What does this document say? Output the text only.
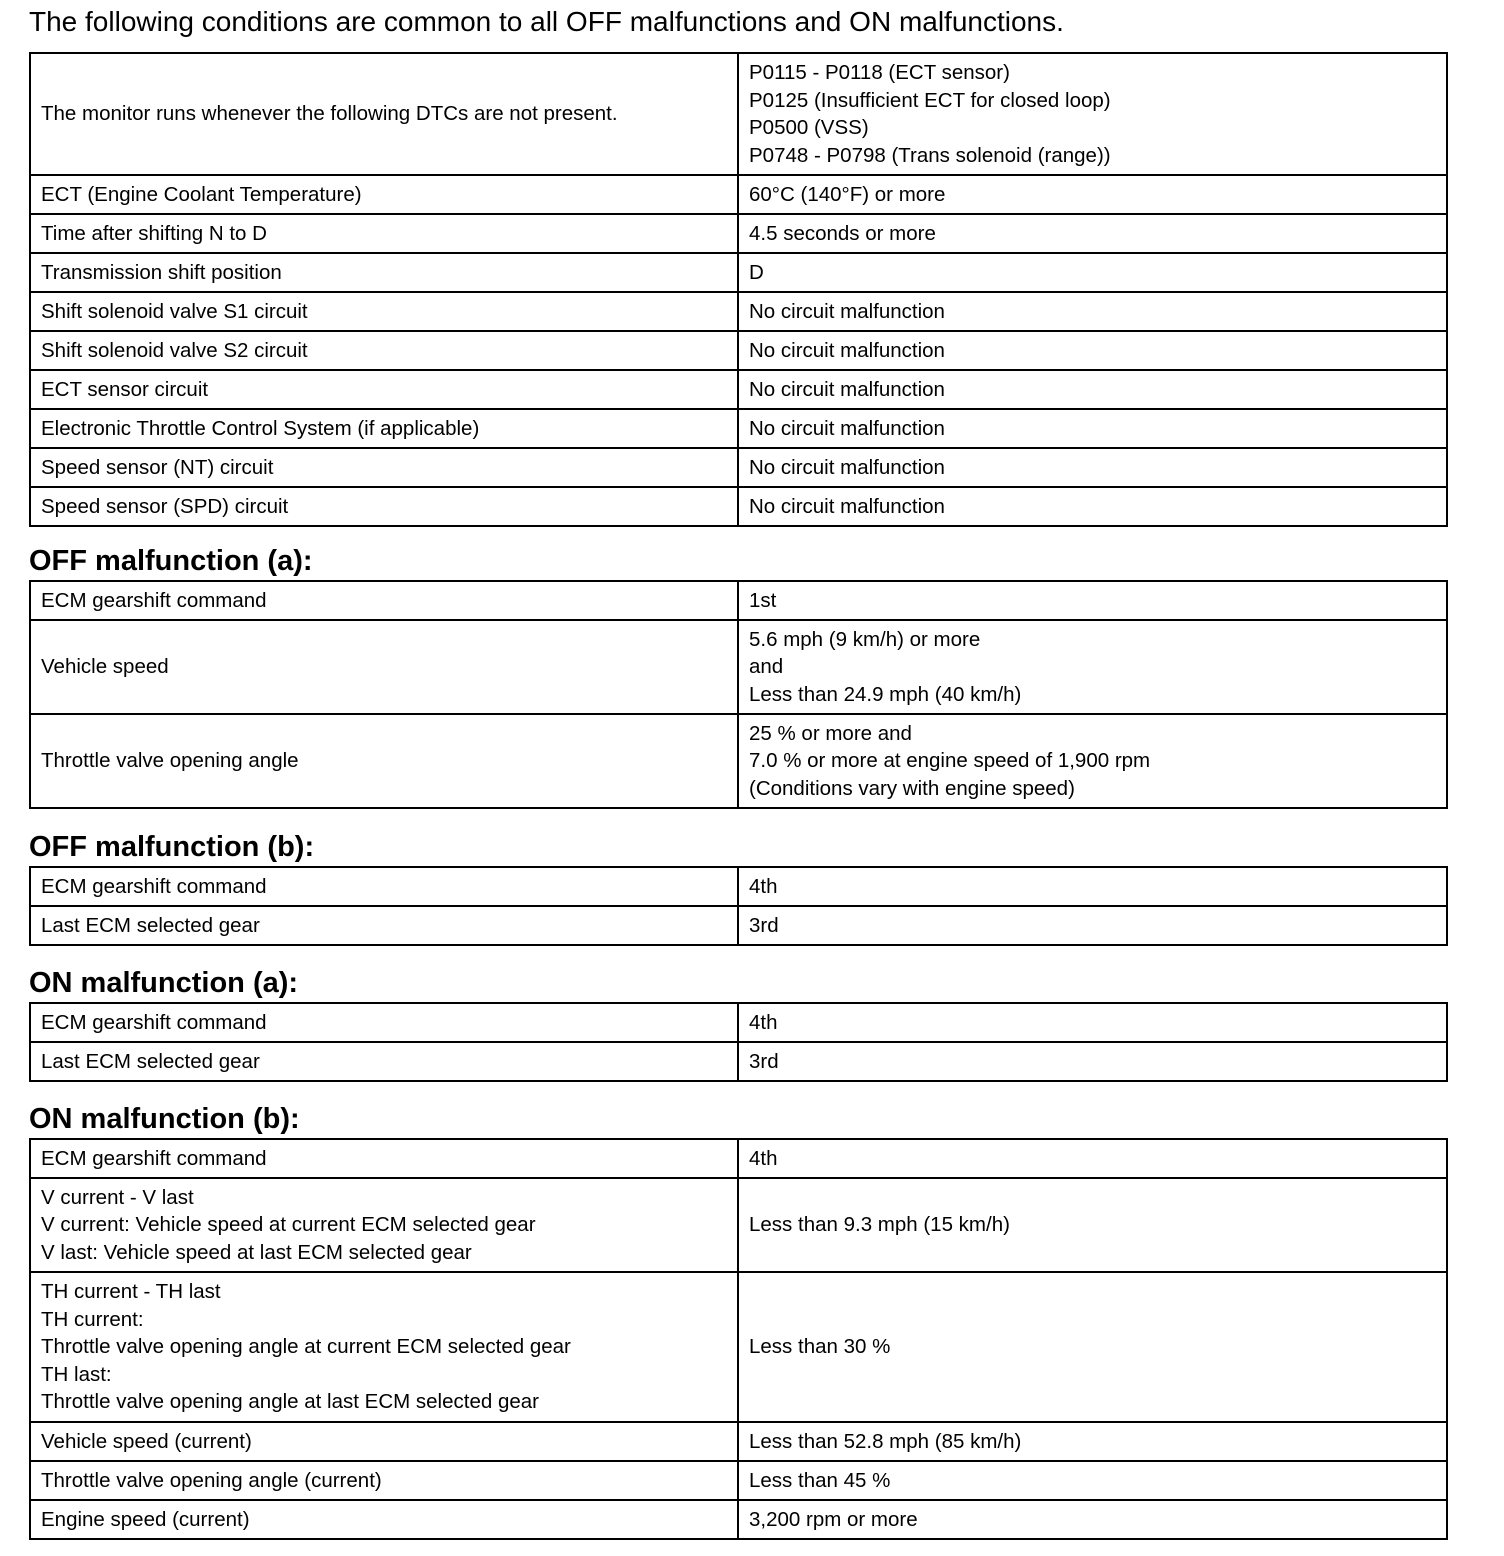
The following conditions are common to all OFF malfunctions and ON malfunctions.
The monitor runs whenever the following DTCs are not present.	P0115 - P0118 (ECT sensor)
P0125 (Insufficient ECT for closed loop)
P0500 (VSS)
P0748 - P0798 (Trans solenoid (range))

ECT (Engine Coolant Temperature)	60°C (140°F) or more

Time after shifting N to D	4.5 seconds or more

Transmission shift position	D

Shift solenoid valve S1 circuit	No circuit malfunction

Shift solenoid valve S2 circuit	No circuit malfunction

ECT sensor circuit	No circuit malfunction

Electronic Throttle Control System (if applicable)	No circuit malfunction

Speed sensor (NT) circuit	No circuit malfunction

Speed sensor (SPD) circuit	No circuit malfunction
OFF malfunction (a):
ECM gearshift command	1st

Vehicle speed	5.6 mph (9 km/h) or more
and
Less than 24.9 mph (40 km/h)

Throttle valve opening angle	25 % or more and
7.0 % or more at engine speed of 1,900 rpm
(Conditions vary with engine speed)
OFF malfunction (b):
ECM gearshift command	4th

Last ECM selected gear	3rd
ON malfunction (a):
ECM gearshift command	4th

Last ECM selected gear	3rd
ON malfunction (b):
ECM gearshift command	4th

V current - V last
V current: Vehicle speed at current ECM selected gear
V last: Vehicle speed at last ECM selected gear	Less than 9.3 mph (15 km/h)

TH current - TH last
TH current:
Throttle valve opening angle at current ECM selected gear
TH last:
Throttle valve opening angle at last ECM selected gear	Less than 30 %

Vehicle speed (current)	Less than 52.8 mph (85 km/h)

Throttle valve opening angle (current)	Less than 45 %

Engine speed (current)	3,200 rpm or more
